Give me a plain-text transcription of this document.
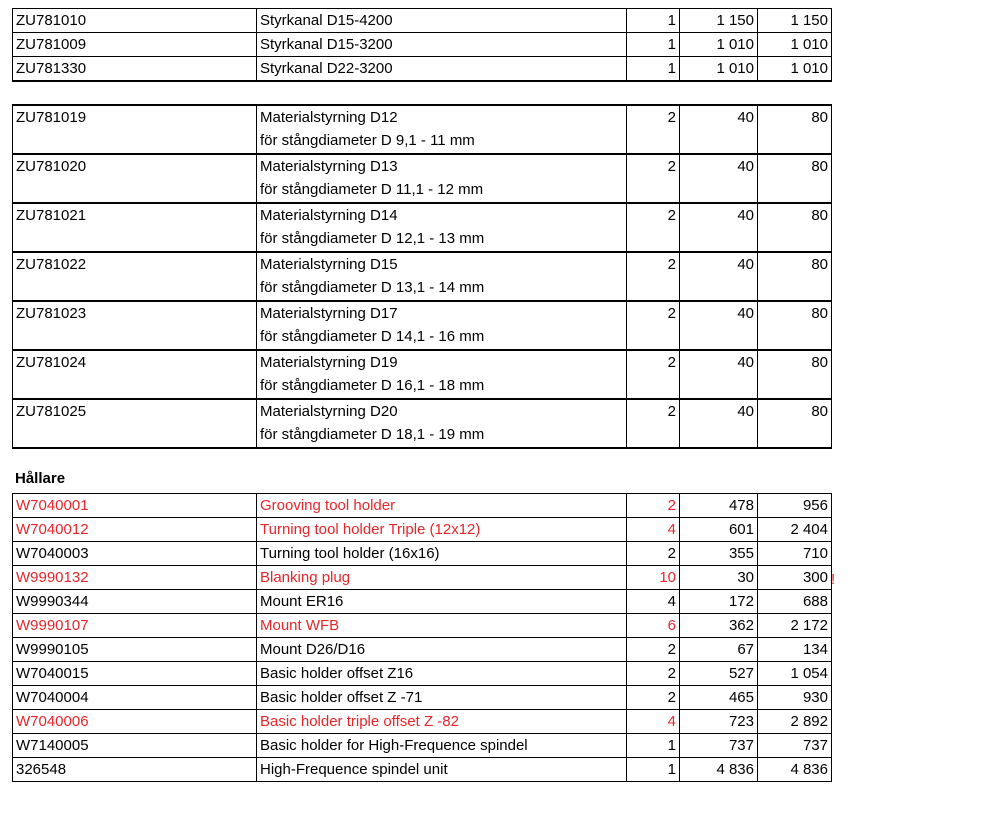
ZU781010	Styrkanal D15-4200	1	1 150	1 150
ZU781009	Styrkanal D15-3200	1	1 010	1 010
ZU781330	Styrkanal D22-3200	1	1 010	1 010
ZU781019	Materialstyrning D12
för stångdiameter D 9,1 - 11 mm	2	40	80
ZU781020	Materialstyrning D13
för stångdiameter D 11,1 - 12 mm	2	40	80
ZU781021	Materialstyrning D14
för stångdiameter D 12,1 - 13 mm	2	40	80
ZU781022	Materialstyrning D15
för stångdiameter D 13,1 - 14 mm	2	40	80
ZU781023	Materialstyrning D17
för stångdiameter D 14,1 - 16 mm	2	40	80
ZU781024	Materialstyrning D19
för stångdiameter D 16,1 - 18 mm	2	40	80
ZU781025	Materialstyrning D20
för stångdiameter D 18,1 - 19 mm	2	40	80
Hållare
W7040001	Grooving tool holder	2	478	956
W7040012	Turning tool holder Triple (12x12)	4	601	2 404
W7040003	Turning tool holder (16x16)	2	355	710
W9990132	Blanking plug	10	30	300
W9990344	Mount ER16	4	172	688
W9990107	Mount WFB	6	362	2 172
W9990105	Mount D26/D16	2	67	134
W7040015	Basic holder offset Z16	2	527	1 054
W7040004	Basic holder offset Z -71	2	465	930
W7040006	Basic holder triple offset Z -82	4	723	2 892
W7140005	Basic holder for High-Frequence spindel	1	737	737
326548	High-Frequence spindel unit	1	4 836	4 836
!
